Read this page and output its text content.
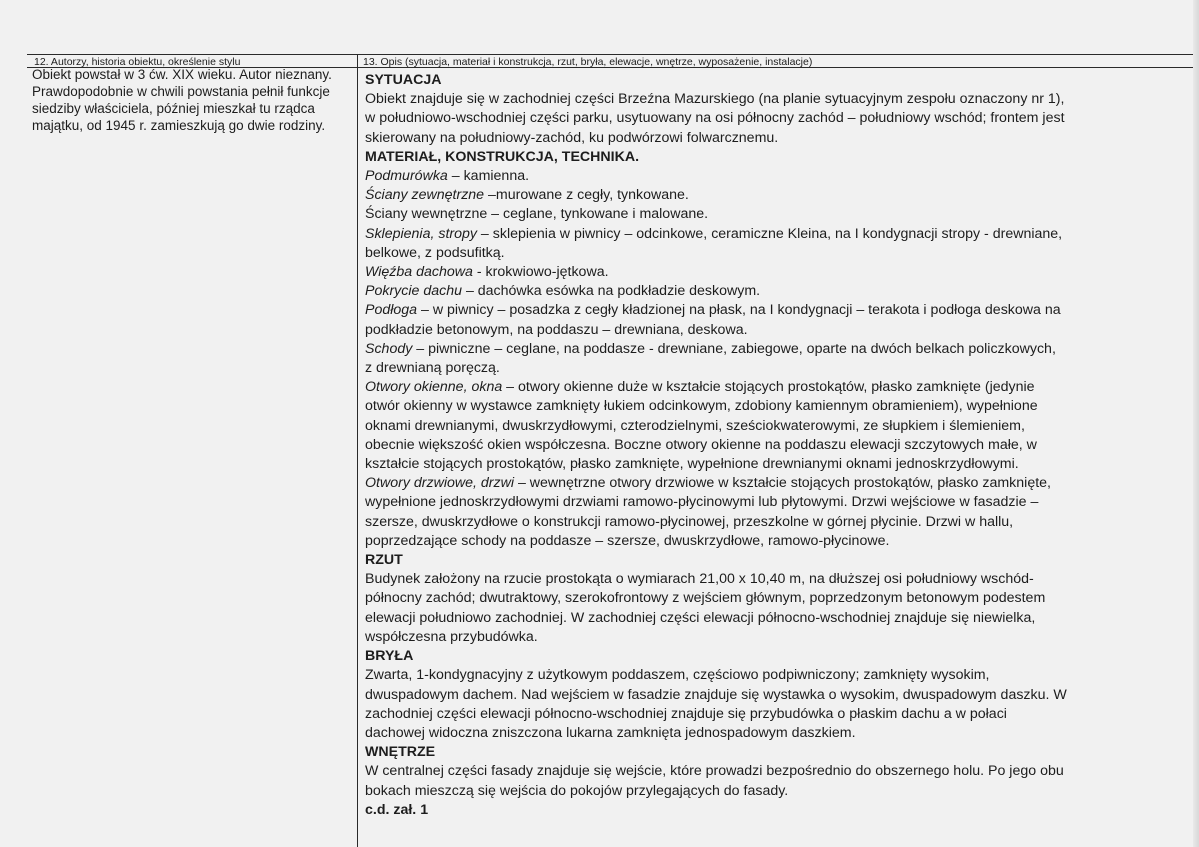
12. Autorzy, historia obiektu, określenie stylu	13. Opis (sytuacja, materiał i konstrukcja, rzut, bryła, elewacje, wnętrze, wyposażenie, instalacje)
Obiekt powstał w 3 ćw. XIX wieku. Autor nieznany.
Prawdopodobnie w chwili powstania pełnił funkcje
siedziby właściciela, później mieszkał tu rządca
majątku, od 1945 r. zamieszkują go dwie rodziny.
SYTUACJA
Obiekt znajduje się w zachodniej części Brzeźna Mazurskiego (na planie sytuacyjnym zespołu oznaczony nr 1),
w południowo-wschodniej części parku, usytuowany na osi północny zachód – południowy wschód; frontem jest
skierowany na południowy-zachód, ku podwórzowi folwarcznemu.
MATERIAŁ, KONSTRUKCJA, TECHNIKA.
Podmurówka – kamienna.
Ściany zewnętrzne –murowane z cegły, tynkowane.
Ściany wewnętrzne – ceglane, tynkowane i malowane.
Sklepienia, stropy – sklepienia w piwnicy – odcinkowe, ceramiczne Kleina, na I kondygnacji stropy - drewniane,
belkowe, z podsufitką.
Więźba dachowa - krokwiowo-jętkowa.
Pokrycie dachu – dachówka esówka na podkładzie deskowym.
Podłoga – w piwnicy – posadzka z cegły kładzionej na płask, na I kondygnacji – terakota i podłoga deskowa na
podkładzie betonowym, na poddaszu – drewniana, deskowa.
Schody – piwniczne – ceglane, na poddasze - drewniane, zabiegowe, oparte na dwóch belkach policzkowych,
z drewnianą poręczą.
Otwory okienne, okna – otwory okienne duże w kształcie stojących prostokątów, płasko zamknięte (jedynie
otwór okienny w wystawce zamknięty łukiem odcinkowym, zdobiony kamiennym obramieniem), wypełnione
oknami drewnianymi, dwuskrzydłowymi, czterodzielnymi, sześciokwaterowymi, ze słupkiem i ślemieniem,
obecnie większość okien współczesna. Boczne otwory okienne na poddaszu elewacji szczytowych małe, w
kształcie stojących prostokątów, płasko zamknięte, wypełnione drewnianymi oknami jednoskrzydłowymi.
Otwory drzwiowe, drzwi – wewnętrzne otwory drzwiowe w kształcie stojących prostokątów, płasko zamknięte,
wypełnione jednoskrzydłowymi drzwiami ramowo-płycinowymi lub płytowymi. Drzwi wejściowe w fasadzie –
szersze, dwuskrzydłowe o konstrukcji ramowo-płycinowej, przeszkolne w górnej płycinie. Drzwi w hallu,
poprzedzające schody na poddasze – szersze, dwuskrzydłowe, ramowo-płycinowe.
RZUT
Budynek założony na rzucie prostokąta o wymiarach 21,00 x 10,40 m, na dłuższej osi południowy wschód-
północny zachód; dwutraktowy, szerokofrontowy z wejściem głównym, poprzedzonym betonowym podestem
elewacji południowo zachodniej. W zachodniej części elewacji północno-wschodniej znajduje się niewielka,
współczesna przybudówka.
BRYŁA
Zwarta, 1-kondygnacyjny z użytkowym poddaszem, częściowo podpiwniczony; zamknięty wysokim,
dwuspadowym dachem. Nad wejściem w fasadzie znajduje się wystawka o wysokim, dwuspadowym daszku. W
zachodniej części elewacji północno-wschodniej znajduje się przybudówka o płaskim dachu a w połaci
dachowej widoczna zniszczona lukarna zamknięta jednospadowym daszkiem.
WNĘTRZE
W centralnej części fasady znajduje się wejście, które prowadzi bezpośrednio do obszernego holu. Po jego obu
bokach mieszczą się wejścia do pokojów przylegających do fasady.
c.d. zał. 1
